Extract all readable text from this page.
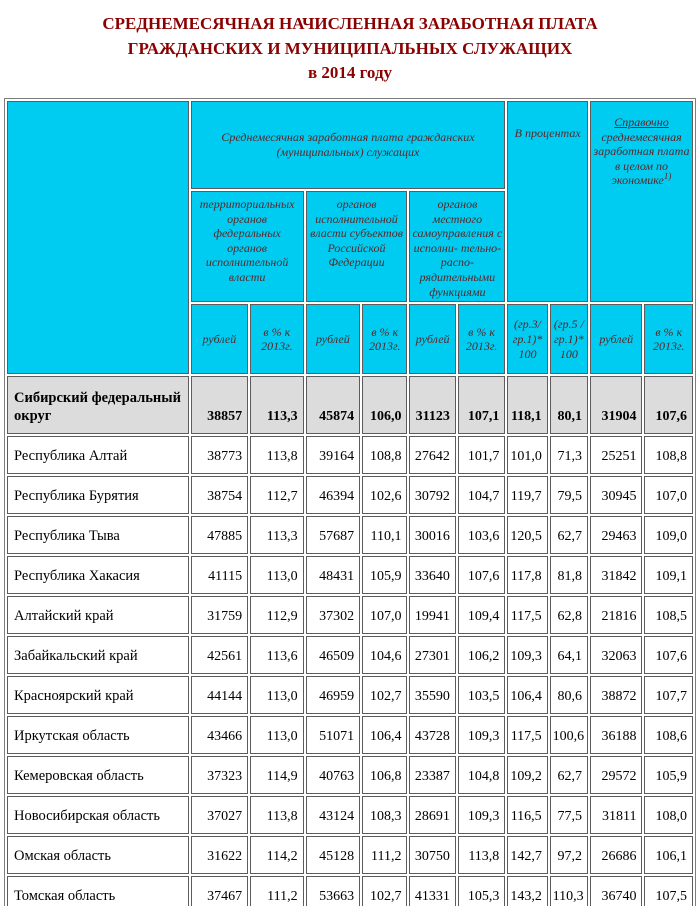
СРЕДНЕМЕСЯЧНАЯ НАЧИСЛЕННАЯ ЗАРАБОТНАЯ ПЛАТА
ГРАЖДАНСКИХ И МУНИЦИПАЛЬНЫХ СЛУЖАЩИХ
в 2014 году
	Среднемесячная заработная плата гражданских (муниципальных) служащих						В процентах		Справочно среднемесячная заработная плата в целом по экономике$^{1)}$
	территориальных органов федеральных органов исполнительной власти		органов исполнительной власти субъектов Российской Федерации		органов местного самоуправления с исполни- тельно-распо- рядительными функциями					
	рублей	в % к 2013г.	рублей	в % к 2013г.	рублей	в % к 2013г.	(гр.3/ гр.1)* 100	(гр.5 / гр.1)* 100	рублей	в % к 2013г.
Сибирский федеральный округ	38857	113,3	45874	106,0	31123	107,1	118,1	80,1	31904	107,6
Республика Алтай	38773	113,8	39164	108,8	27642	101,7	101,0	71,3	25251	108,8
Республика Бурятия	38754	112,7	46394	102,6	30792	104,7	119,7	79,5	30945	107,0
Республика Тыва	47885	113,3	57687	110,1	30016	103,6	120,5	62,7	29463	109,0
Республика Хакасия	41115	113,0	48431	105,9	33640	107,6	117,8	81,8	31842	109,1
Алтайский край	31759	112,9	37302	107,0	19941	109,4	117,5	62,8	21816	108,5
Забайкальский край	42561	113,6	46509	104,6	27301	106,2	109,3	64,1	32063	107,6
Красноярский край	44144	113,0	46959	102,7	35590	103,5	106,4	80,6	38872	107,7
Иркутская область	43466	113,0	51071	106,4	43728	109,3	117,5	100,6	36188	108,6
Кемеровская область	37323	114,9	40763	106,8	23387	104,8	109,2	62,7	29572	105,9
Новосибирская область	37027	113,8	43124	108,3	28691	109,3	116,5	77,5	31811	108,0
Омская область	31622	114,2	45128	111,2	30750	113,8	142,7	97,2	26686	106,1
Томская область	37467	111,2	53663	102,7	41331	105,3	143,2	110,3	36740	107,5
